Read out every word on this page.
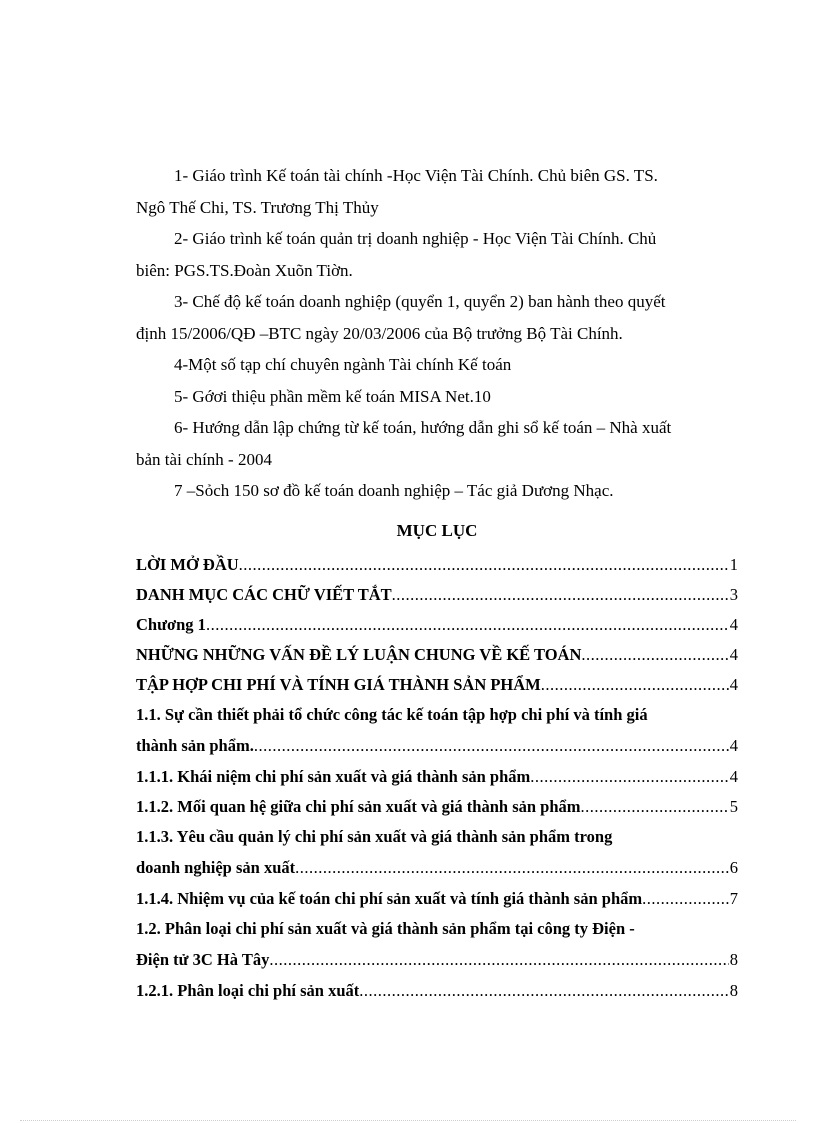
1- Giáo trình Kế toán tài chính -Học Viện Tài Chính. Chủ biên GS. TS.
Ngô Thế Chi, TS. Trương Thị Thủy

2- Giáo trình kế toán quản trị doanh nghiệp - Học Viện Tài Chính. Chủ
biên: PGS.TS.Đoàn Xuõn Tiờn.

3- Chế độ kế toán doanh nghiệp (quyển 1, quyển 2) ban hành theo quyết
định 15/2006/QĐ –BTC ngày 20/03/2006 của Bộ trưởng Bộ Tài Chính.

4-Một số tạp chí chuyên ngành Tài chính Kế toán

5- Gớơi thiệu phần mềm kế toán MISA Net.10

6- Hướng dẫn lập chứng từ kế toán, hướng dẫn ghi sổ kế toán – Nhà xuất
bản tài chính - 2004

7 –Sỏch 150 sơ đồ kế toán doanh nghiệp – Tác giả Dương Nhạc.

MỤC LỤC
LỜI MỞ ĐẦU .....	1
DANH MỤC CÁC CHỮ VIẾT TẮT .....	3
Chương 1 .....	4
NHỮNG NHỮNG VẤN ĐỀ LÝ LUẬN CHUNG VỀ KẾ TOÁN .....	4
TẬP HỢP CHI PHÍ VÀ TÍNH GIÁ THÀNH SẢN PHẨM .....	4
1.1. Sự cần thiết phải tổ chức công tác kế toán tập hợp chi phí và tính giá
thành sản phẩm. .....	4
1.1.1. Khái niệm chi phí sản xuất và giá thành sản phẩm .....	4
1.1.2. Mối quan hệ giữa chi phí sản xuất và giá thành sản phẩm .....	5
1.1.3. Yêu cầu quản lý chi phí sản xuất và giá thành sản phẩm trong
doanh nghiệp sản xuất .....	6
1.1.4. Nhiệm vụ của kế toán chi phí sản xuất và tính giá thành sản phẩm .....	7
1.2. Phân loại chi phí sản xuất và giá thành sản phẩm tại công ty Điện -
Điện tử 3C Hà Tây .....	8
1.2.1. Phân loại chi phí sản xuất .....	8
